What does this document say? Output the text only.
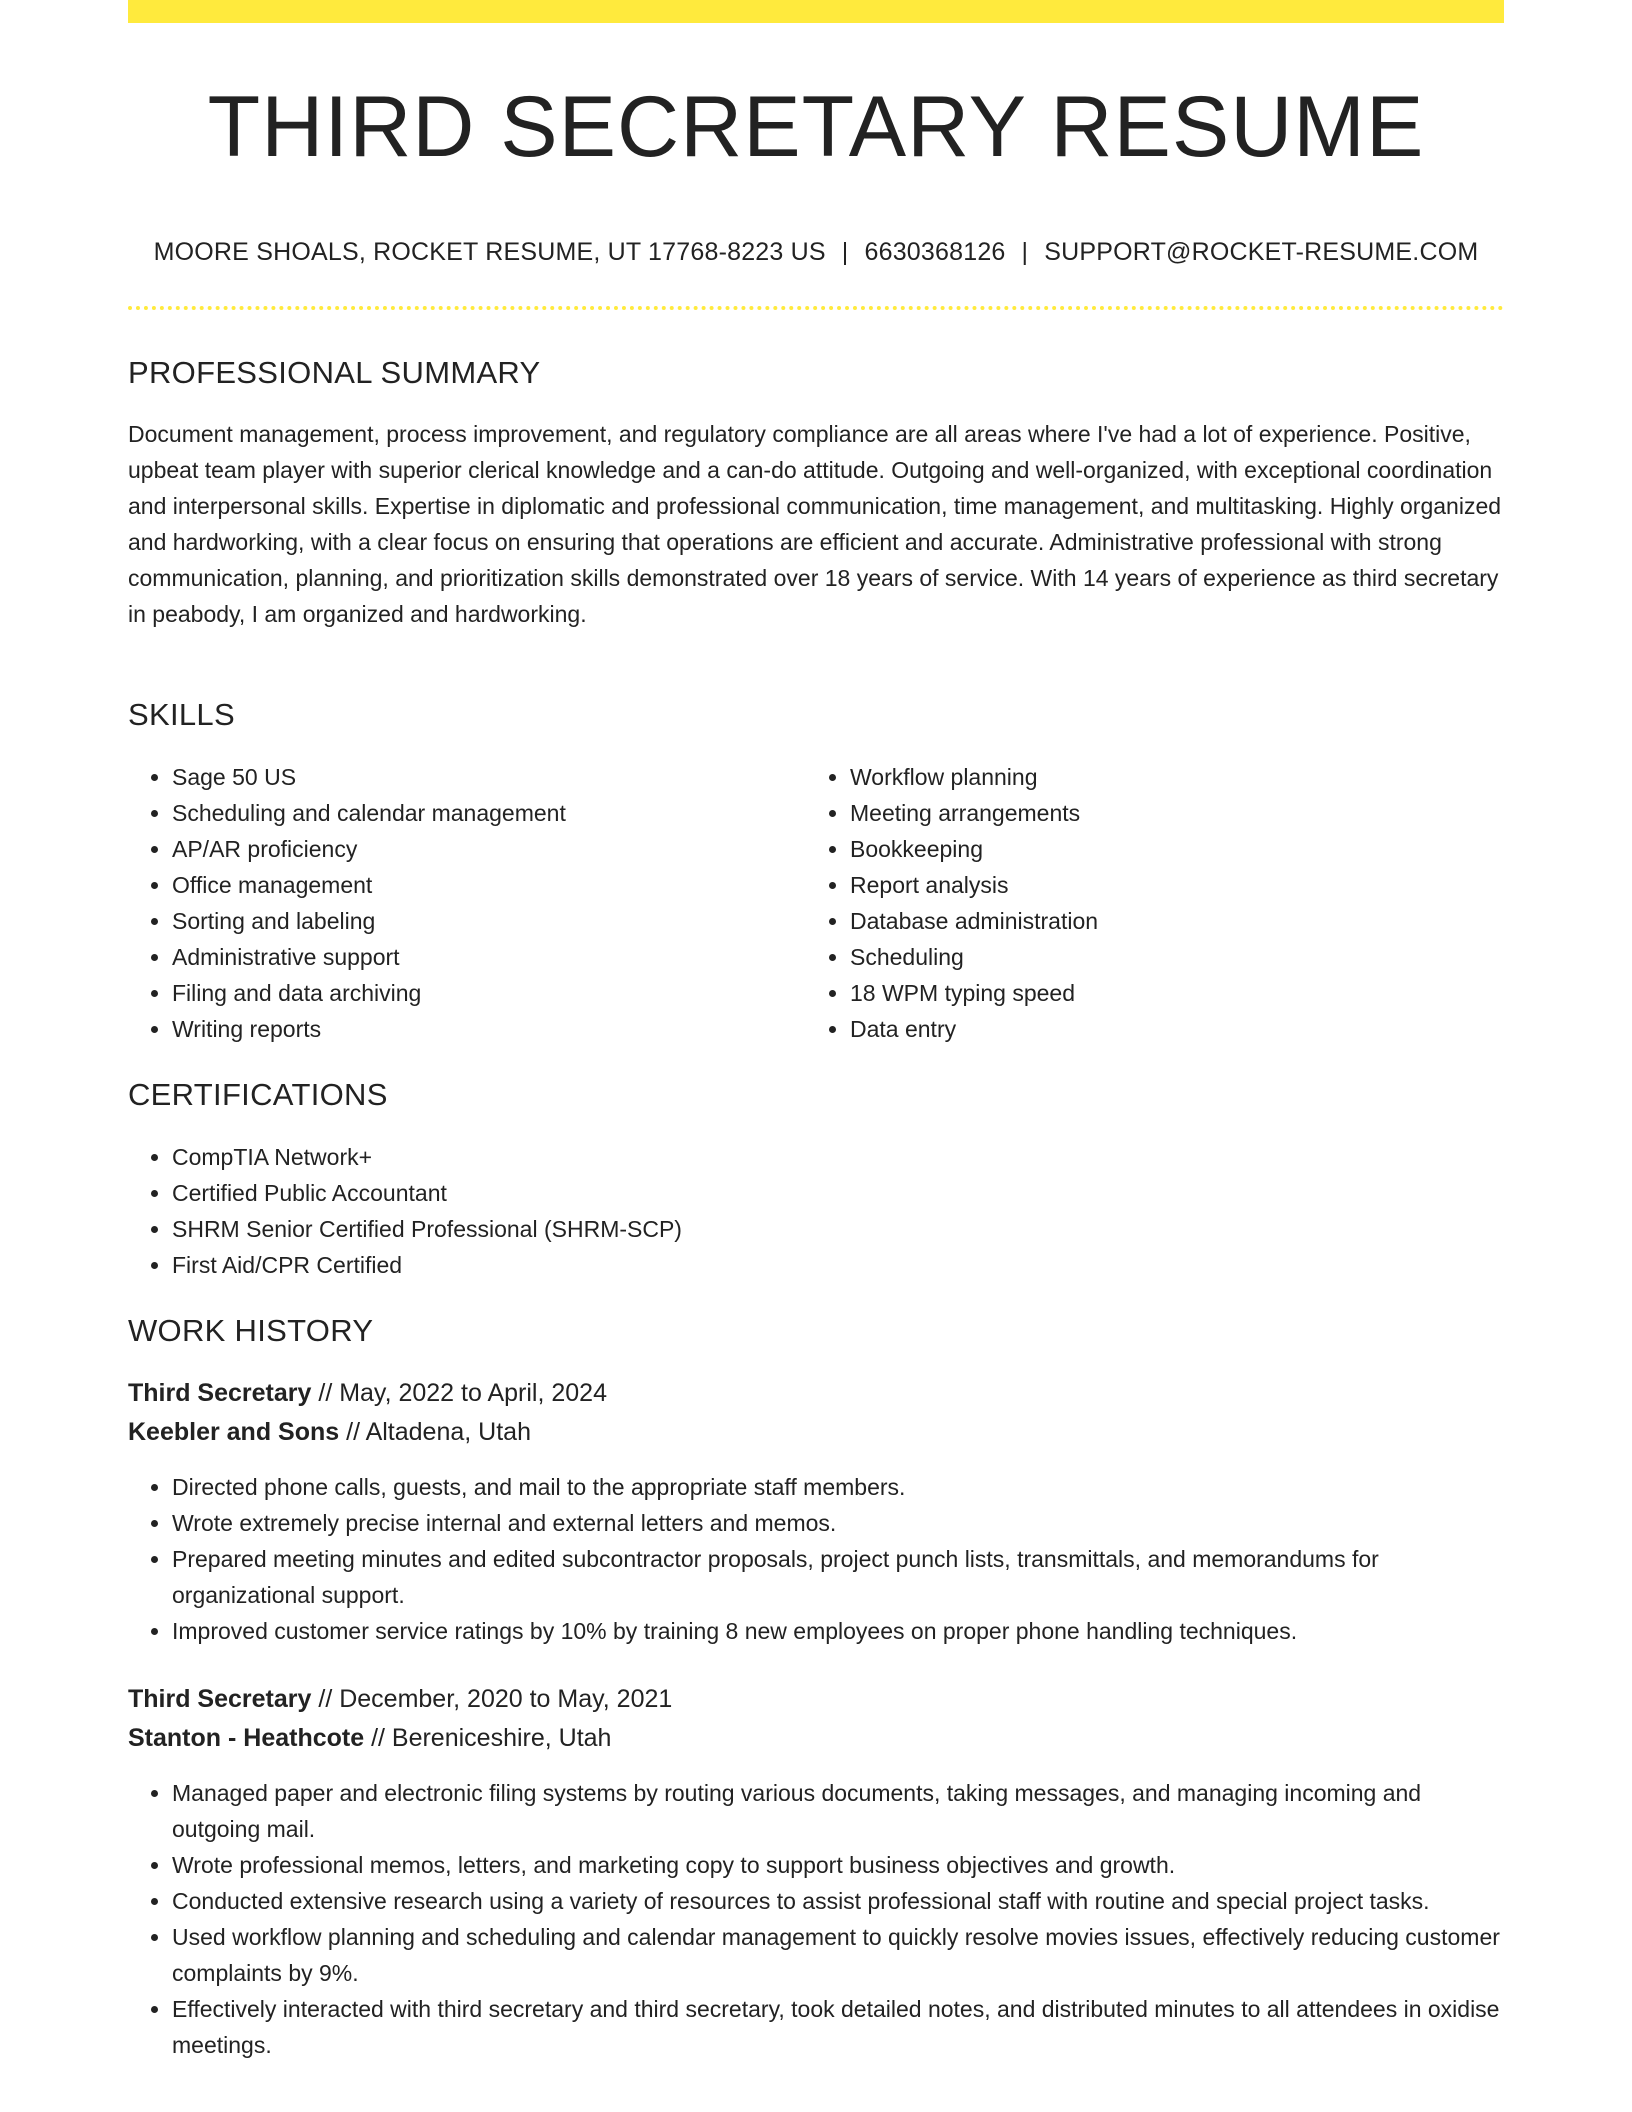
THIRD SECRETARY RESUME
MOORE SHOALS, ROCKET RESUME, UT 17768-8223 US | 6630368126 | SUPPORT@ROCKET-RESUME.COM
PROFESSIONAL SUMMARY
Document management, process improvement, and regulatory compliance are all areas where I've had a lot of experience. Positive, upbeat team player with superior clerical knowledge and a can-do attitude. Outgoing and well-organized, with exceptional coordination and interpersonal skills. Expertise in diplomatic and professional communication, time management, and multitasking. Highly organized and hardworking, with a clear focus on ensuring that operations are efficient and accurate. Administrative professional with strong communication, planning, and prioritization skills demonstrated over 18 years of service. With 14 years of experience as third secretary in peabody, I am organized and hardworking.
SKILLS
• Sage 50 US
• Scheduling and calendar management
• AP/AR proficiency
• Office management
• Sorting and labeling
• Administrative support
• Filing and data archiving
• Writing reports
• Workflow planning
• Meeting arrangements
• Bookkeeping
• Report analysis
• Database administration
• Scheduling
• 18 WPM typing speed
• Data entry
CERTIFICATIONS
• CompTIA Network+
• Certified Public Accountant
• SHRM Senior Certified Professional (SHRM-SCP)
• First Aid/CPR Certified
WORK HISTORY
Third Secretary // May, 2022 to April, 2024
Keebler and Sons // Altadena, Utah
• Directed phone calls, guests, and mail to the appropriate staff members.
• Wrote extremely precise internal and external letters and memos.
• Prepared meeting minutes and edited subcontractor proposals, project punch lists, transmittals, and memorandums for organizational support.
• Improved customer service ratings by 10% by training 8 new employees on proper phone handling techniques.
Third Secretary // December, 2020 to May, 2021
Stanton - Heathcote // Bereniceshire, Utah
• Managed paper and electronic filing systems by routing various documents, taking messages, and managing incoming and outgoing mail.
• Wrote professional memos, letters, and marketing copy to support business objectives and growth.
• Conducted extensive research using a variety of resources to assist professional staff with routine and special project tasks.
• Used workflow planning and scheduling and calendar management to quickly resolve movies issues, effectively reducing customer complaints by 9%.
• Effectively interacted with third secretary and third secretary, took detailed notes, and distributed minutes to all attendees in oxidise meetings.
